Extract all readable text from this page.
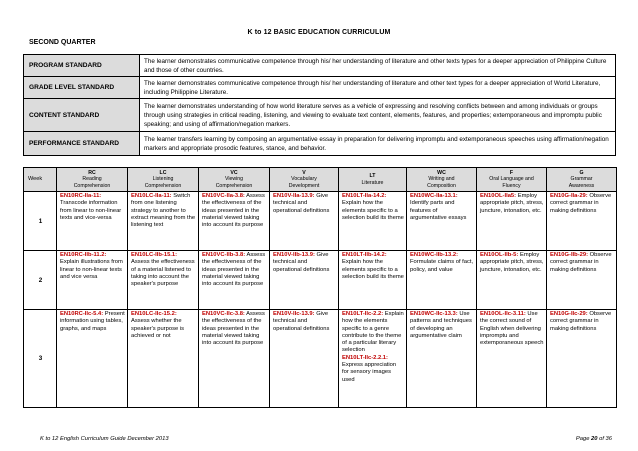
K to 12 BASIC EDUCATION CURRICULUM
SECOND QUARTER
PROGRAM STANDARD	The learner demonstrates communicative competence through his/ her understanding of literature and other texts types for a deeper appreciation of Philippine Culture and those of other countries.
GRADE LEVEL STANDARD	The learner demonstrates communicative competence through his/ her understanding of literature and other text types for a deeper appreciation of World Literature, including Philippine Literature.
CONTENT STANDARD	The learner demonstrates understanding of how world literature serves as a vehicle of expressing and resolving conflicts between and among individuals or groups through using strategies in critical reading, listening, and viewing to evaluate text content, elements, features, and properties; extemporaneous and impromptu public speaking; and using of affirmation/negation markers.
PERFORMANCE STANDARD	The learner transfers learning by composing an argumentative essay in preparation for delivering impromptu and extemporaneous speeches using affirmation/negation markers and appropriate prosodic features, stance, and behavior.
Week	RC
Reading
Comprehension	LC
Listening
Comprehension	VC
Viewing
Comprehension	V
Vocabulary
Development	LT
Literature	WC
Writing and
Composition	F
Oral Language and
Fluency	G
Grammar
Awareness
1	EN10RC-IIa-11: Transcode information from linear to non-linear texts and vice-versa	EN10LC-IIa-11: Switch from one listening strategy to another to extract meaning from the listening text	EN10VC-IIa-3.8: Assess the effectiveness of the ideas presented in the material viewed taking into account its purpose	EN10V-IIa-13.9: Give technical and operational definitions	EN10LT-IIa-14.2: Explain how the elements specific to a selection build its theme	EN10WC-IIa-13.1: Identify parts and features of argumentative essays	EN10OL-IIa5: Employ appropriate pitch, stress, juncture, intonation, etc.	EN10G-IIa-29: Observe correct grammar in making definitions
2	EN10RC-IIb-11.2: Explain illustrations from linear to non-linear texts and vice versa	EN10LC-IIb-15.1: Assess the effectiveness of a material listened to taking into account the speaker's purpose	EN10VC-IIb-3.8: Assess the effectiveness of the ideas presented in the material viewed taking into account its purpose	EN10V-IIb-13.9: Give technical and operational definitions	EN10LT-IIb-14.2: Explain how the elements specific to a selection build its theme	EN10WC-IIb-13.2: Formulate claims of fact, policy, and value	EN10OL-IIb-5: Employ appropriate pitch, stress, juncture, intonation, etc.	EN10G-IIb-29: Observe correct grammar in making definitions
3	EN10RC-IIc-5.4: Present information using tables, graphs, and maps	EN10LC-IIc-15.2: Assess whether the speaker's purpose is achieved or not	EN10VC-IIc-3.8: Assess the effectiveness of the ideas presented in the material viewed taking into account its purpose	EN10V-IIc-13.9: Give technical and operational definitions	EN10LT-IIc-2.2: Explain how the elements specific to a genre contribute to the theme of a particular literary selection
EN10LT-IIc-2.2.1: Express appreciation for sensory images used	EN10WC-IIc-13.3: Use patterns and techniques of developing an argumentative claim	EN10OL-IIc-3.11: Use the correct sound of English when delivering impromptu and extemporaneous speech	EN10G-IIc-29: Observe correct grammar in making definitions
K to 12 English Curriculum Guide December 2013	Page 20 of 36
